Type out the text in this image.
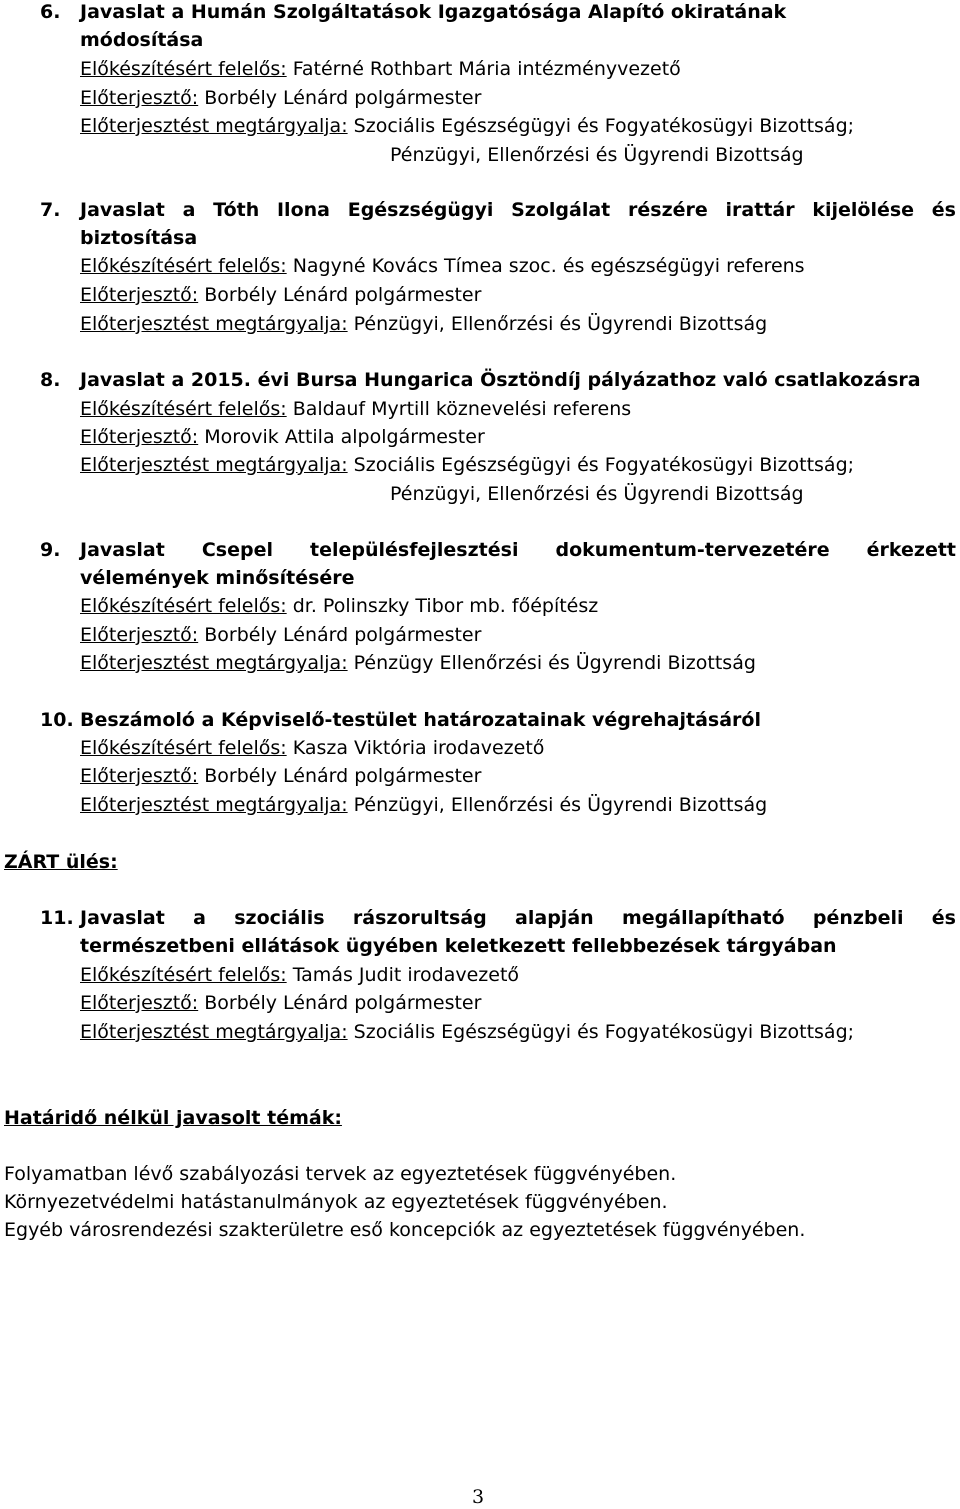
6. Javaslat a Humán Szolgáltatások Igazgatósága Alapító okiratának
módosítása
Előkészítésért felelős: Fatérné Rothbart Mária intézményvezető
Előterjesztő: Borbély Lénárd polgármester
Előterjesztést megtárgyalja: Szociális Egészségügyi és Fogyatékosügyi Bizottság;
Pénzügyi, Ellenőrzési és Ügyrendi Bizottság
7. Javaslat a Tóth Ilona Egészségügyi Szolgálat részére irattár kijelölése és
biztosítása
Előkészítésért felelős: Nagyné Kovács Tímea szoc. és egészségügyi referens
Előterjesztő: Borbély Lénárd polgármester
Előterjesztést megtárgyalja: Pénzügyi, Ellenőrzési és Ügyrendi Bizottság
8. Javaslat a 2015. évi Bursa Hungarica Ösztöndíj pályázathoz való csatlakozásra
Előkészítésért felelős: Baldauf Myrtill köznevelési referens
Előterjesztő: Morovik Attila alpolgármester
Előterjesztést megtárgyalja: Szociális Egészségügyi és Fogyatékosügyi Bizottság;
Pénzügyi, Ellenőrzési és Ügyrendi Bizottság
9. Javaslat Csepel településfejlesztési dokumentum-tervezetére érkezett
vélemények minősítésére
Előkészítésért felelős: dr. Polinszky Tibor mb. főépítész
Előterjesztő: Borbély Lénárd polgármester
Előterjesztést megtárgyalja: Pénzügy Ellenőrzési és Ügyrendi Bizottság
10. Beszámoló a Képviselő-testület határozatainak végrehajtásáról
Előkészítésért felelős: Kasza Viktória irodavezető
Előterjesztő: Borbély Lénárd polgármester
Előterjesztést megtárgyalja: Pénzügyi, Ellenőrzési és Ügyrendi Bizottság
ZÁRT ülés:
11. Javaslat a szociális rászorultság alapján megállapítható pénzbeli és
természetbeni ellátások ügyében keletkezett fellebbezések tárgyában
Előkészítésért felelős: Tamás Judit irodavezető
Előterjesztő: Borbély Lénárd polgármester
Előterjesztést megtárgyalja: Szociális Egészségügyi és Fogyatékosügyi Bizottság;
Határidő nélkül javasolt témák:
Folyamatban lévő szabályozási tervek az egyeztetések függvényében.
Környezetvédelmi hatástanulmányok az egyeztetések függvényében.
Egyéb városrendezési szakterületre eső koncepciók az egyeztetések függvényében.
3
